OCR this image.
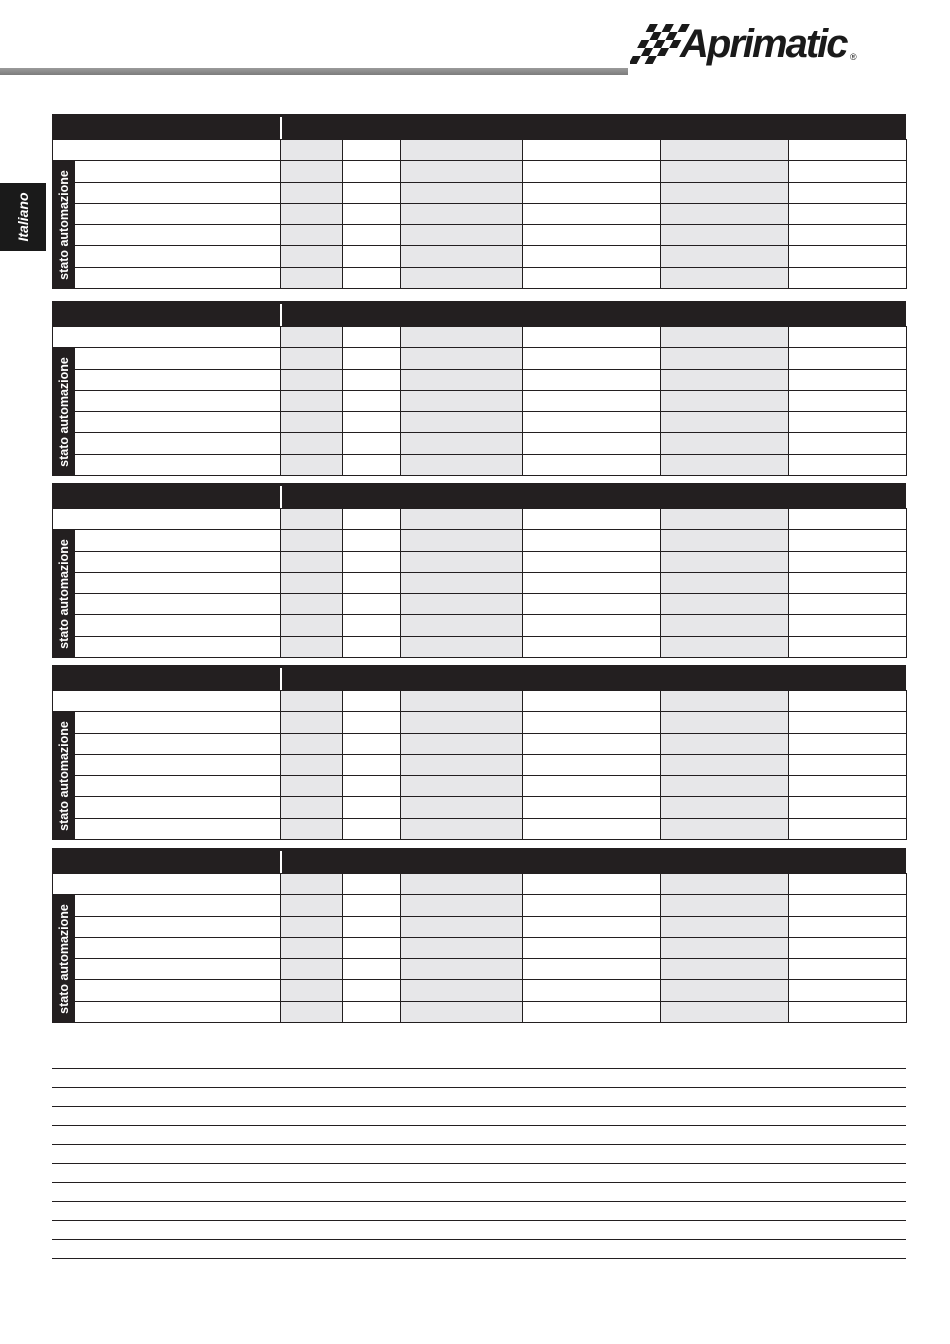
Aprimatic ®
Italiano

						stato automazione

stato automazione

stato automazione

stato automazione

stato automazione
